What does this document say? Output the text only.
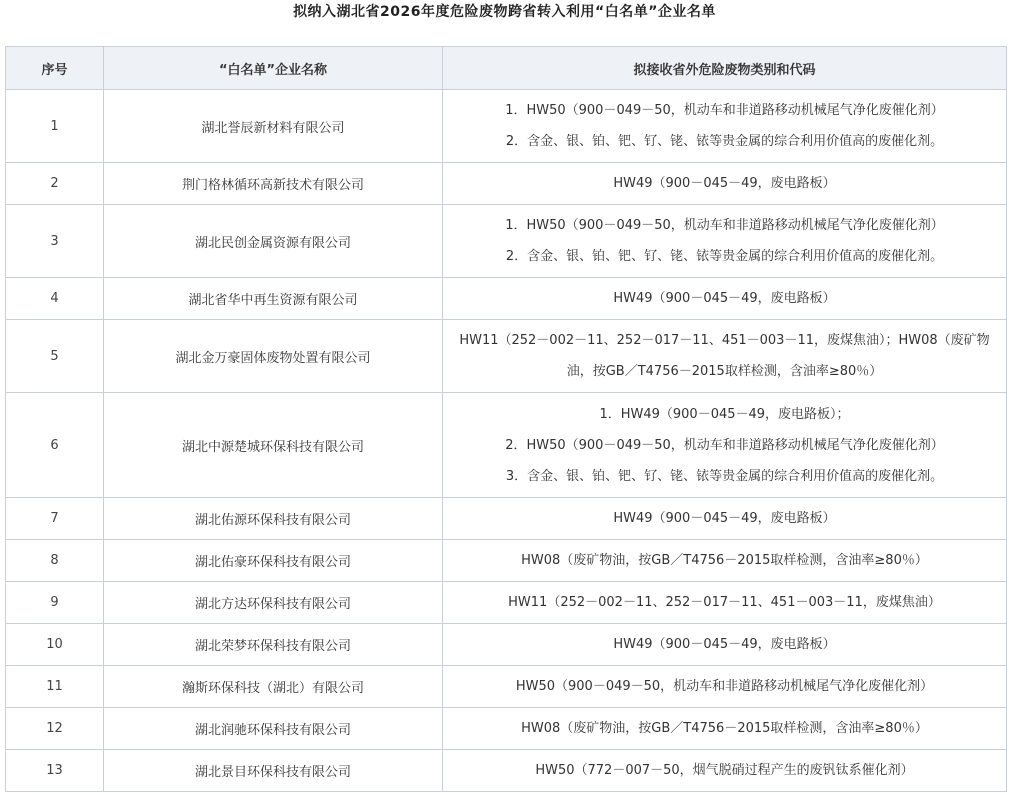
拟纳入湖北省2026年度危险废物跨省转入利用“白名单”企业名单
序号	“白名单”企业名称	拟接收省外危险废物类别和代码
1	湖北誉辰新材料有限公司	1．HW50（900－049－50，机动车和非道路移动机械尾气净化废催化剂）
2．含金、银、铂、钯、钌、铑、铱等贵金属的综合利用价值高的废催化剂。

2	荆门格林循环高新技术有限公司	HW49（900－045－49，废电路板）

3	湖北民创金属资源有限公司	1．HW50（900－049－50，机动车和非道路移动机械尾气净化废催化剂）
2．含金、银、铂、钯、钌、铑、铱等贵金属的综合利用价值高的废催化剂。

4	湖北省华中再生资源有限公司	HW49（900－045－49，废电路板）

5	湖北金万豪固体废物处置有限公司	HW11（252－002－11、252－017－11、451－003－11，废煤焦油）；HW08（废矿物油，按GB／T4756－2015取样检测，含油率≥80％）

6	湖北中源楚城环保科技有限公司	1．HW49（900－045－49，废电路板）；
2．HW50（900－049－50，机动车和非道路移动机械尾气净化废催化剂）
3．含金、银、铂、钯、钌、铑、铱等贵金属的综合利用价值高的废催化剂。

7	湖北佑源环保科技有限公司	HW49（900－045－49，废电路板）

8	湖北佑豪环保科技有限公司	HW08（废矿物油，按GB／T4756－2015取样检测，含油率≥80％）

9	湖北方达环保科技有限公司	HW11（252－002－11、252－017－11、451－003－11，废煤焦油）

10	湖北荣梦环保科技有限公司	HW49（900－045－49，废电路板）

11	瀚斯环保科技（湖北）有限公司	HW50（900－049－50，机动车和非道路移动机械尾气净化废催化剂）

12	湖北润驰环保科技有限公司	HW08（废矿物油，按GB／T4756－2015取样检测，含油率≥80％）

13	湖北景目环保科技有限公司	HW50（772－007－50，烟气脱硝过程产生的废钒钛系催化剂）
